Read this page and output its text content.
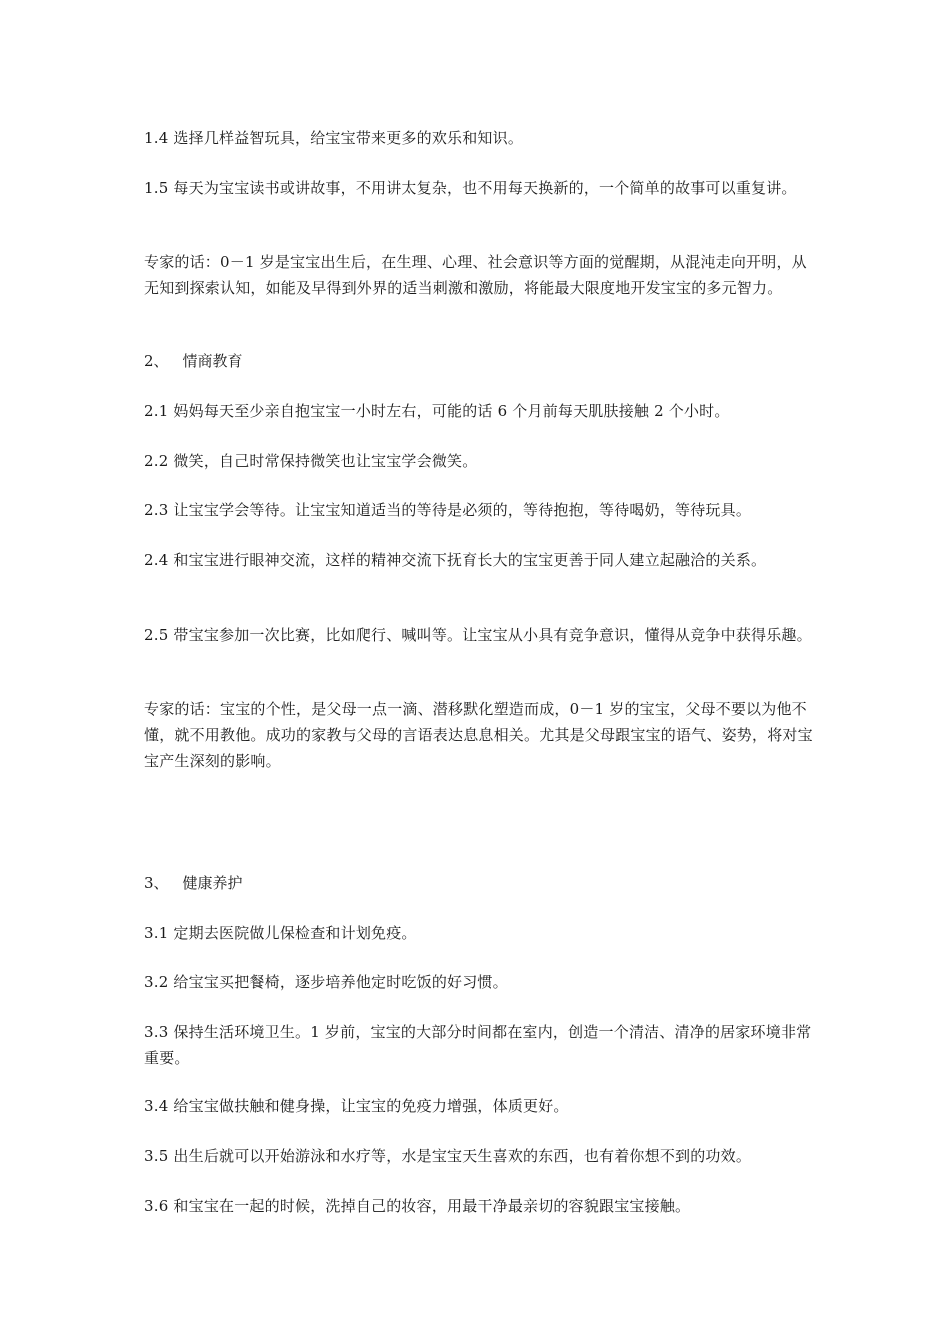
1.4 选择几样益智玩具，给宝宝带来更多的欢乐和知识。

1.5 每天为宝宝读书或讲故事，不用讲太复杂，也不用每天换新的，一个简单的故事可以重复讲。

专家的话：0－1 岁是宝宝出生后，在生理、心理、社会意识等方面的觉醒期，从混沌走向开明，从无知到探索认知，如能及早得到外界的适当刺激和激励，将能最大限度地开发宝宝的多元智力。

2、 情商教育

2.1 妈妈每天至少亲自抱宝宝一小时左右，可能的话 6 个月前每天肌肤接触 2 个小时。

2.2 微笑，自己时常保持微笑也让宝宝学会微笑。

2.3 让宝宝学会等待。让宝宝知道适当的等待是必须的，等待抱抱，等待喝奶，等待玩具。

2.4 和宝宝进行眼神交流，这样的精神交流下抚育长大的宝宝更善于同人建立起融洽的关系。

2.5 带宝宝参加一次比赛，比如爬行、喊叫等。让宝宝从小具有竞争意识，懂得从竞争中获得乐趣。

专家的话：宝宝的个性，是父母一点一滴、潜移默化塑造而成，0－1 岁的宝宝，父母不要以为他不懂，就不用教他。成功的家教与父母的言语表达息息相关。尤其是父母跟宝宝的语气、姿势，将对宝宝产生深刻的影响。

3、 健康养护

3.1 定期去医院做儿保检查和计划免疫。

3.2 给宝宝买把餐椅，逐步培养他定时吃饭的好习惯。

3.3 保持生活环境卫生。1 岁前，宝宝的大部分时间都在室内，创造一个清洁、清净的居家环境非常重要。

3.4 给宝宝做扶触和健身操，让宝宝的免疫力增强，体质更好。

3.5 出生后就可以开始游泳和水疗等，水是宝宝天生喜欢的东西，也有着你想不到的功效。

3.6 和宝宝在一起的时候，洗掉自己的妆容，用最干净最亲切的容貌跟宝宝接触。
